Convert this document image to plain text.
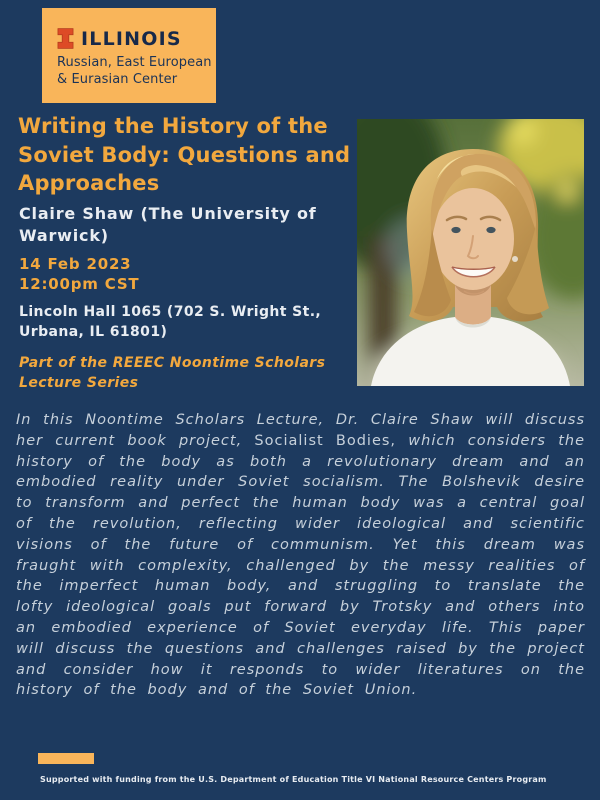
ILLINOIS
Russian, East European
& Eurasian Center
Writing the History of the Soviet Body: Questions and Approaches
Claire Shaw (The University of Warwick)
14 Feb 2023
12:00pm CST
Lincoln Hall 1065 (702 S. Wright St., Urbana, IL 61801)
Part of the REEEC Noontime Scholars Lecture Series

In this Noontime Scholars Lecture, Dr. Claire Shaw will discuss her current book project, Socialist Bodies, which considers the history of the body as both a revolutionary dream and an embodied reality under Soviet socialism. The Bolshevik desire to transform and perfect the human body was a central goal of the revolution, reflecting wider ideological and scientific visions of the future of communism. Yet this dream was fraught with complexity, challenged by the messy realities of the imperfect human body, and struggling to translate the lofty ideological goals put forward by Trotsky and others into an embodied experience of Soviet everyday life. This paper will discuss the questions and challenges raised by the project and consider how it responds to wider literatures on the history of the body and of the Soviet Union.

Supported with funding from the U.S. Department of Education Title VI National Resource Centers Program
